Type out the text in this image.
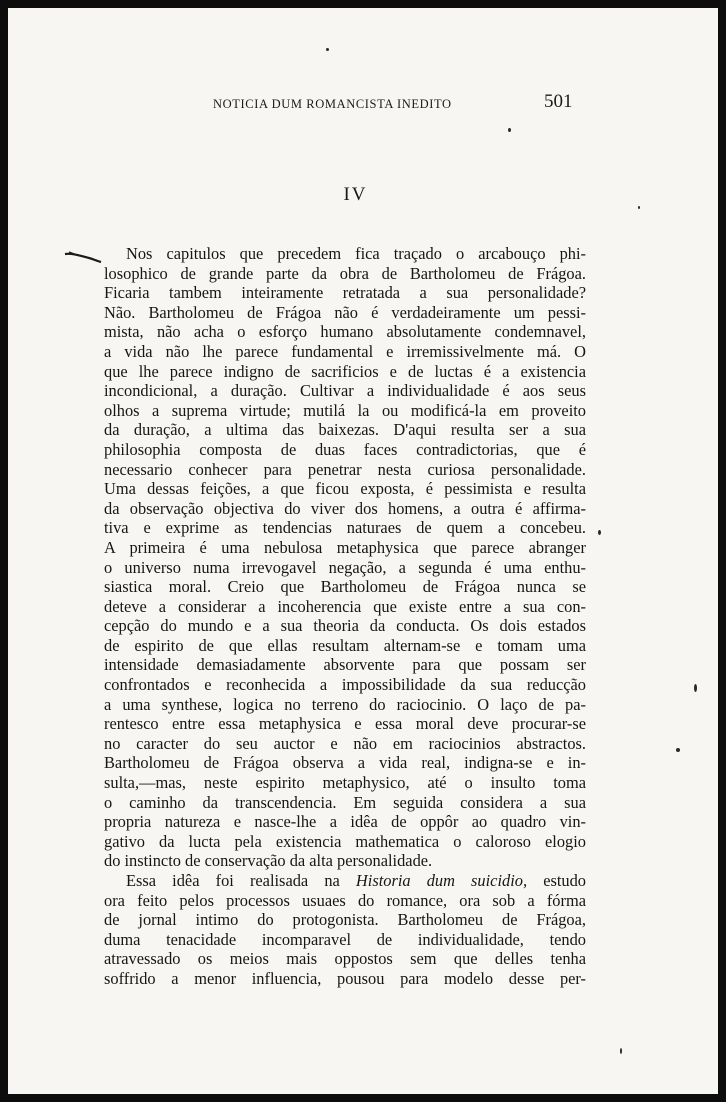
NOTICIA DUM ROMANCISTA INEDITO	501
IV
Nos capitulos que precedem fica traçado o arcabouço phi-
losophico de grande parte da obra de Bartholomeu de Frágoa.
Ficaria tambem inteiramente retratada a sua personalidade?
Não. Bartholomeu de Frágoa não é verdadeiramente um pessi-
mista, não acha o esforço humano absolutamente condemnavel,
a vida não lhe parece fundamental e irremissivelmente má. O
que lhe parece indigno de sacrificios e de luctas é a existencia
incondicional, a duração. Cultivar a individualidade é aos seus
olhos a suprema virtude; mutilá la ou modificá-la em proveito
da duração, a ultima das baixezas. D'aqui resulta ser a sua
philosophia composta de duas faces contradictorias, que é
necessario conhecer para penetrar nesta curiosa personalidade.
Uma dessas feições, a que ficou exposta, é pessimista e resulta
da observação objectiva do viver dos homens, a outra é affirma-
tiva e exprime as tendencias naturaes de quem a concebeu.
A primeira é uma nebulosa metaphysica que parece abranger
o universo numa irrevogavel negação, a segunda é uma enthu-
siastica moral. Creio que Bartholomeu de Frágoa nunca se
deteve a considerar a incoherencia que existe entre a sua con-
cepção do mundo e a sua theoria da conducta. Os dois estados
de espirito de que ellas resultam alternam-se e tomam uma
intensidade demasiadamente absorvente para que possam ser
confrontados e reconhecida a impossibilidade da sua reducção
a uma synthese, logica no terreno do raciocinio. O laço de pa-
rentesco entre essa metaphysica e essa moral deve procurar-se
no caracter do seu auctor e não em raciocinios abstractos.
Bartholomeu de Frágoa observa a vida real, indigna-se e in-
sulta,—mas, neste espirito metaphysico, até o insulto toma
o caminho da transcendencia. Em seguida considera a sua
propria natureza e nasce-lhe a idêa de oppôr ao quadro vin-
gativo da lucta pela existencia mathematica o caloroso elogio
do instincto de conservação da alta personalidade.
Essa idêa foi realisada na Historia dum suicidio, estudo
ora feito pelos processos usuaes do romance, ora sob a fórma
de jornal intimo do protogonista. Bartholomeu de Frágoa,
duma tenacidade incomparavel de individualidade, tendo
atravessado os meios mais oppostos sem que delles tenha
soffrido a menor influencia, pousou para modelo desse per-
